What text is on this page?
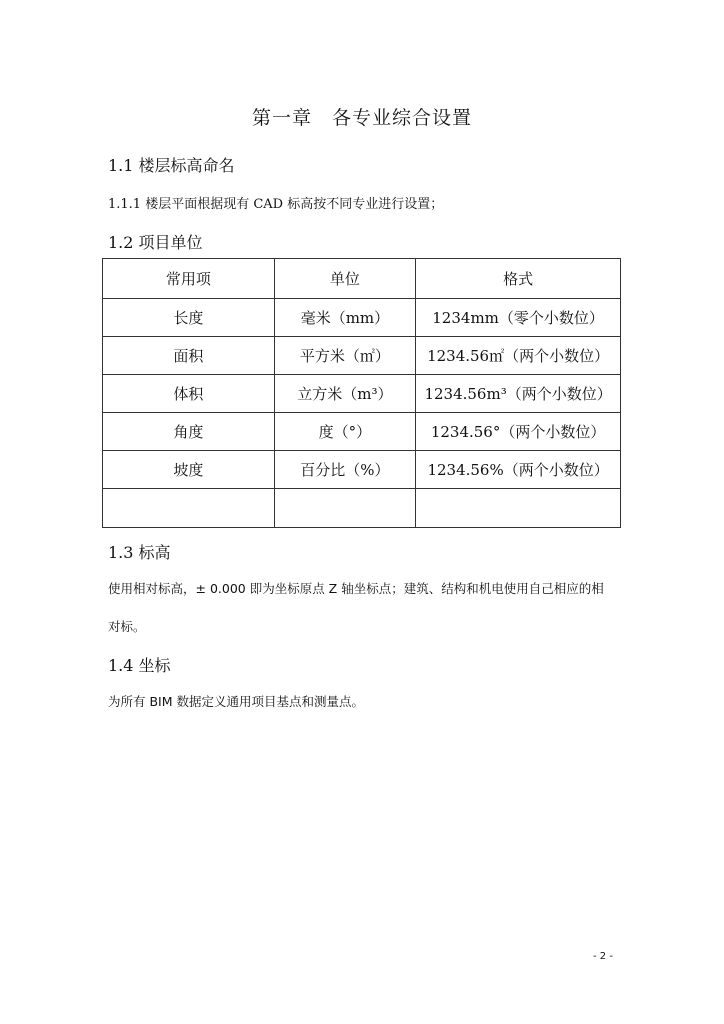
第一章　各专业综合设置
1.1 楼层标高命名
1.1.1 楼层平面根据现有 CAD 标高按不同专业进行设置；
1.2 项目单位
常用项	单位	格式
长度	毫米（mm）	1234mm（零个小数位）
面积	平方米（㎡）	1234.56㎡（两个小数位）
体积	立方米（m³）	1234.56m³（两个小数位）
角度	度（°）	1234.56°（两个小数位）
坡度	百分比（%）	1234.56%（两个小数位）

1.3 标高
使用相对标高，± 0.000 即为坐标原点 Z 轴坐标点；建筑、结构和机电使用自己相应的相
对标。
1.4 坐标
为所有 BIM 数据定义通用项目基点和测量点。
- 2 -
